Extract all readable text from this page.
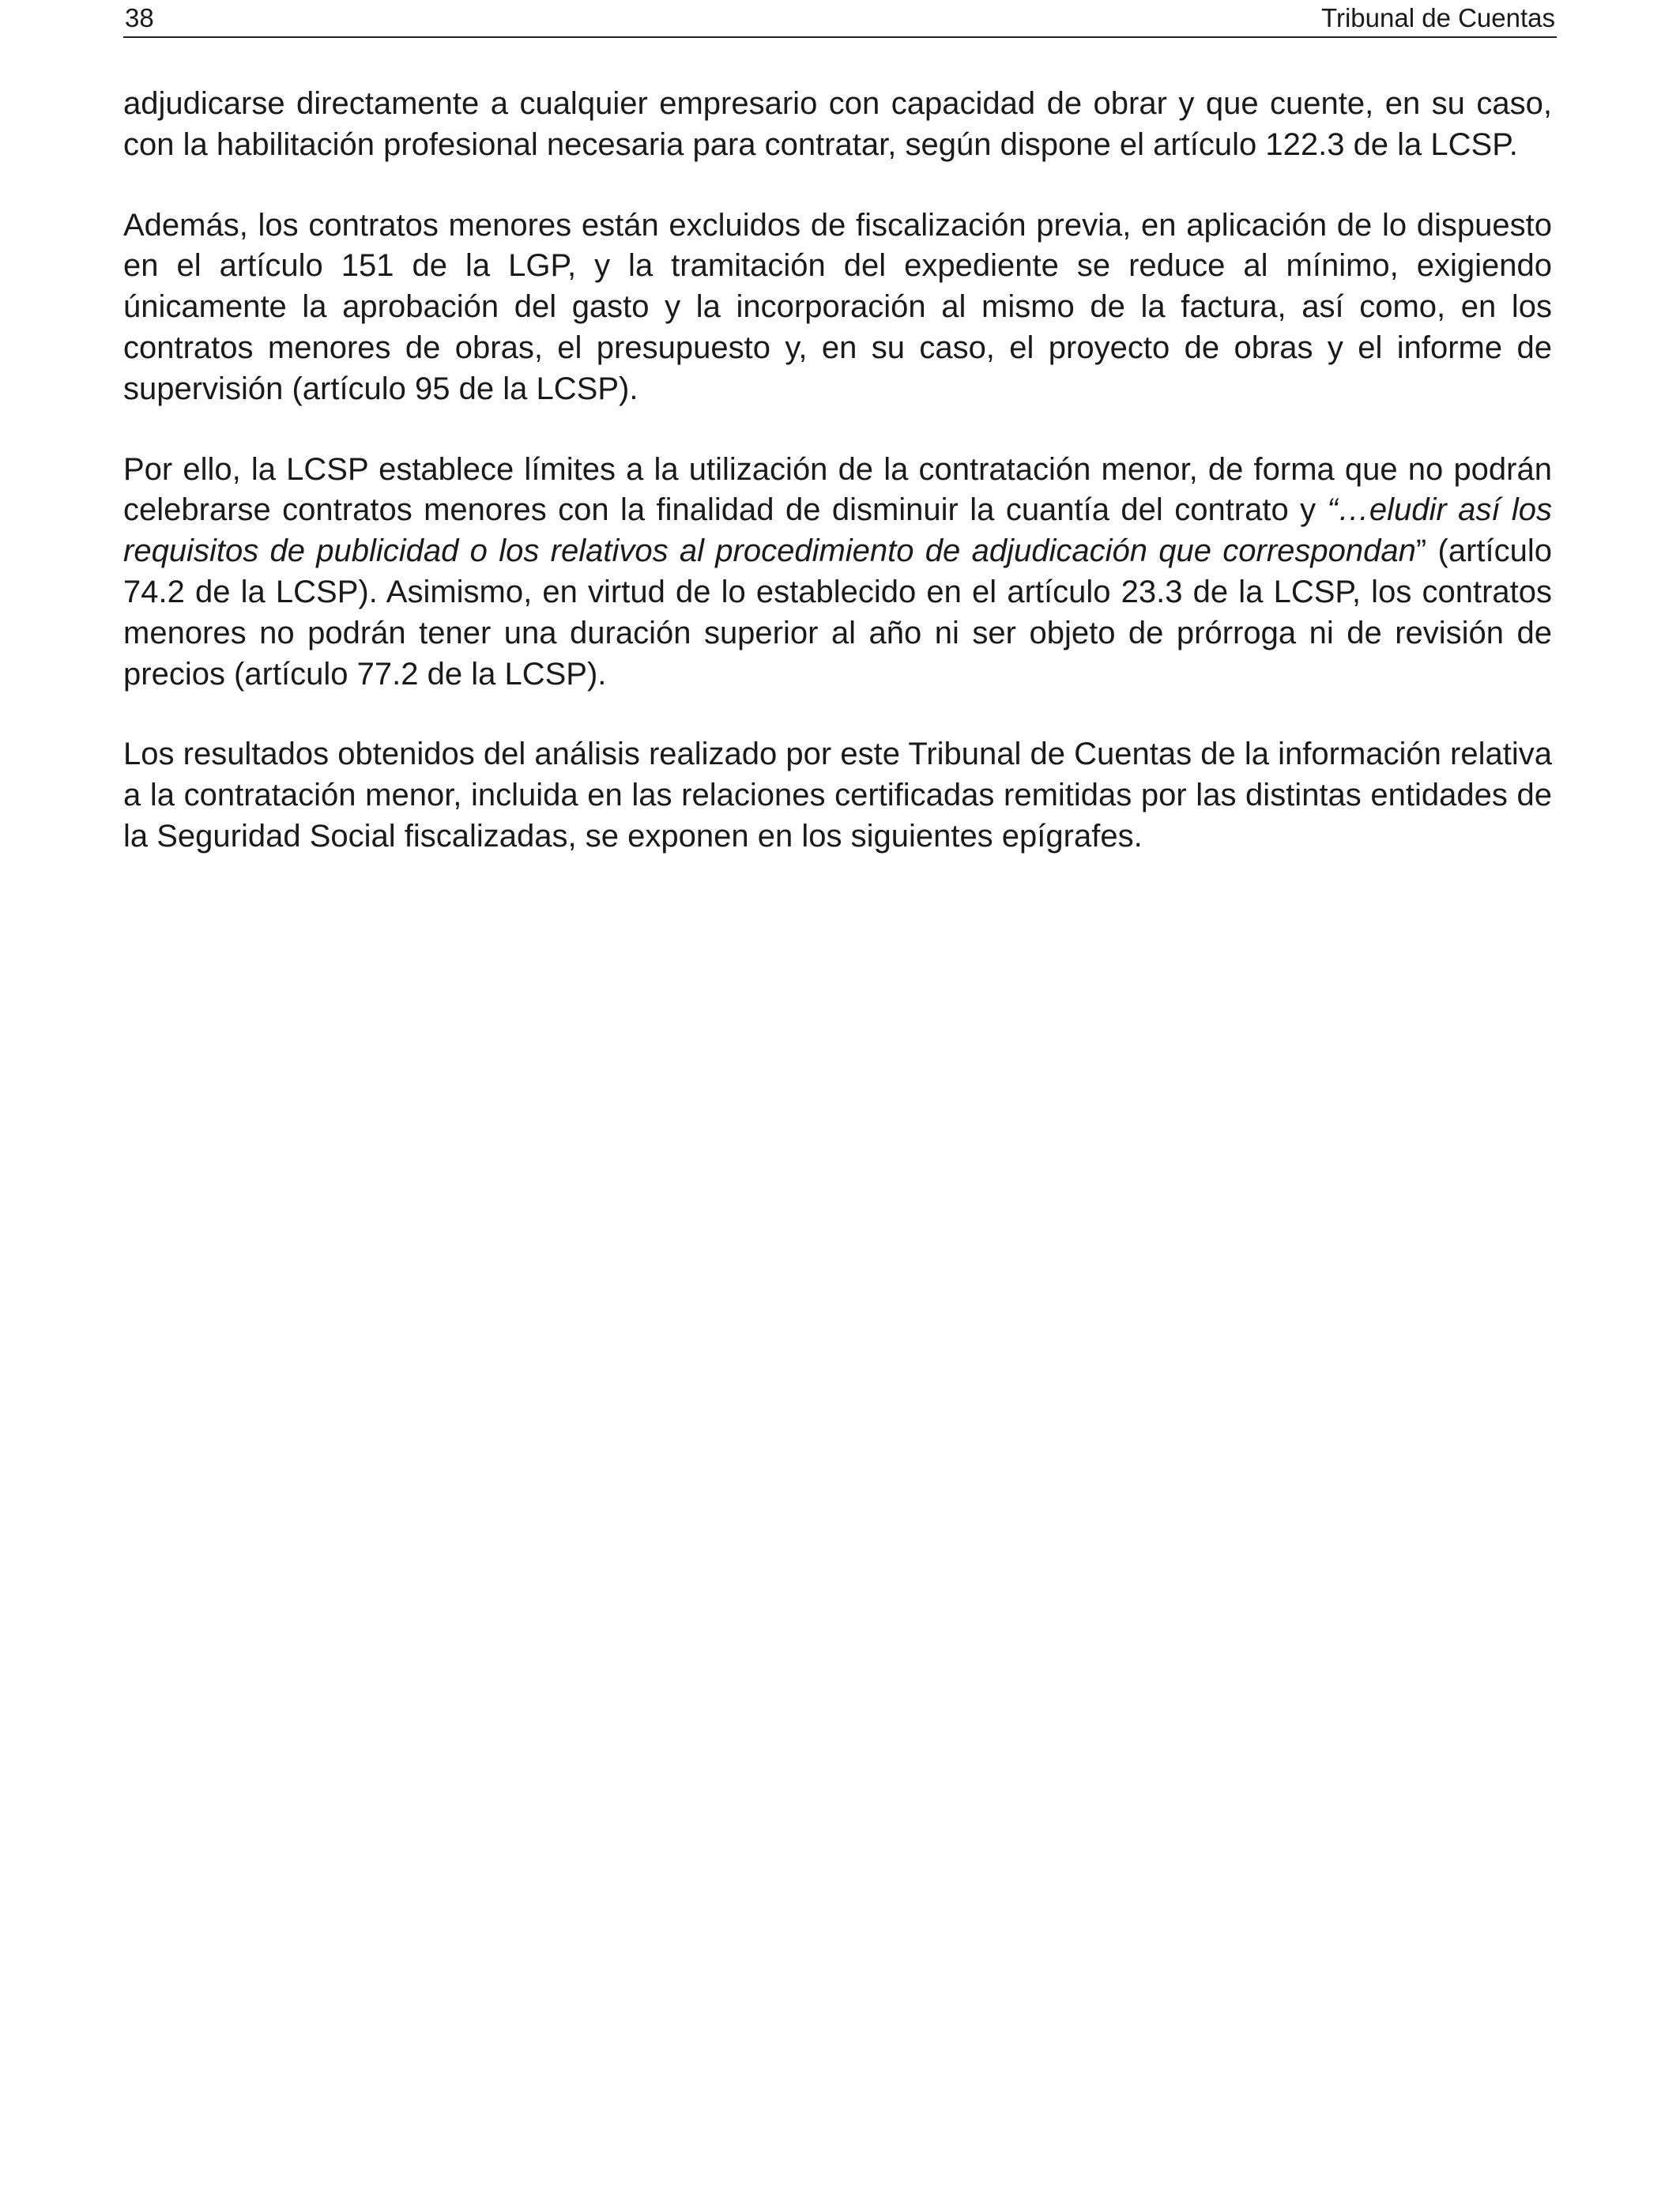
38	Tribunal de Cuentas

adjudicarse directamente a cualquier empresario con capacidad de obrar y que cuente, en su caso, con la habilitación profesional necesaria para contratar, según dispone el artículo 122.3 de la LCSP.

Además, los contratos menores están excluidos de fiscalización previa, en aplicación de lo dispuesto en el artículo 151 de la LGP, y la tramitación del expediente se reduce al mínimo, exigiendo únicamente la aprobación del gasto y la incorporación al mismo de la factura, así como, en los contratos menores de obras, el presupuesto y, en su caso, el proyecto de obras y el informe de supervisión (artículo 95 de la LCSP).

Por ello, la LCSP establece límites a la utilización de la contratación menor, de forma que no podrán celebrarse contratos menores con la finalidad de disminuir la cuantía del contrato y “…eludir así los requisitos de publicidad o los relativos al procedimiento de adjudicación que correspondan” (artículo 74.2 de la LCSP). Asimismo, en virtud de lo establecido en el artículo 23.3 de la LCSP, los contratos menores no podrán tener una duración superior al año ni ser objeto de prórroga ni de revisión de precios (artículo 77.2 de la LCSP).

Los resultados obtenidos del análisis realizado por este Tribunal de Cuentas de la información relativa a la contratación menor, incluida en las relaciones certificadas remitidas por las distintas entidades de la Seguridad Social fiscalizadas, se exponen en los siguientes epígrafes.
